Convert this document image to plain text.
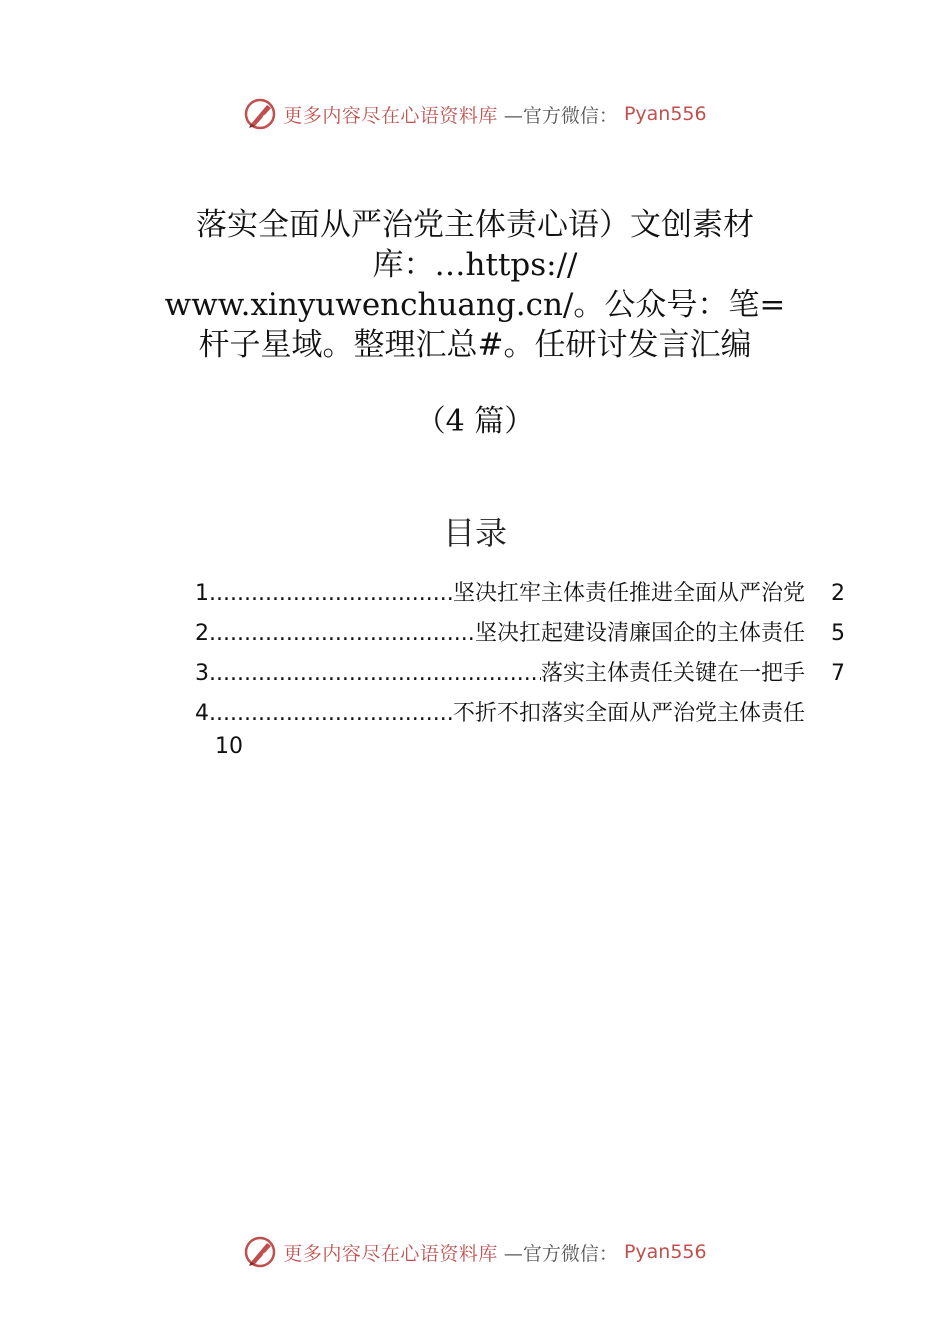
更多内容尽在心语资料库 —官方微信： Pyan556
落实全面从严治党主体责心语）文创素材
库：…https://
www.xinyuwenchuang.cn/。公众号：笔=
杆子星域。整理汇总#。任研讨发言汇编
（4 篇）
目录
1 .....	坚决扛牢主体责任推进全面从严治党	2
2 .....	坚决扛起建设清廉国企的主体责任	5
3 .....	落实主体责任关键在一把手	7
4 .....	不折不扣落实全面从严治党主体责任
10
更多内容尽在心语资料库 —官方微信： Pyan556
